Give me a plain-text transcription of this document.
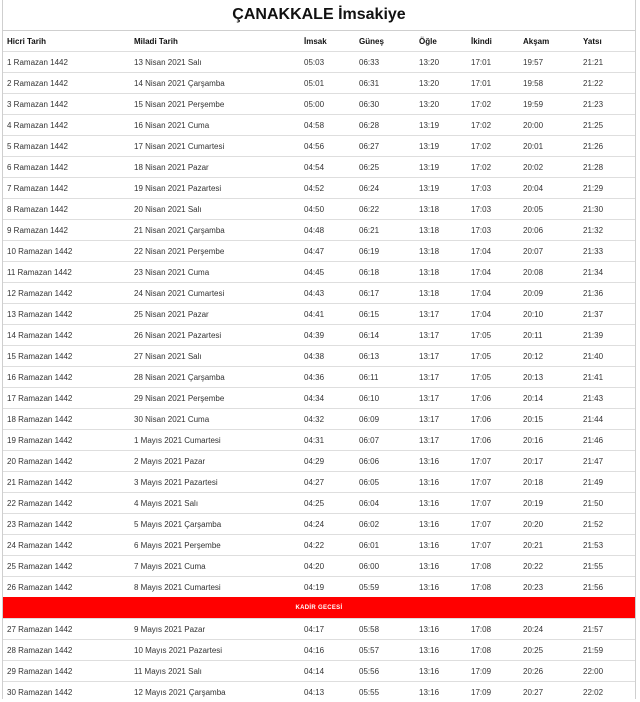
ÇANAKKALE İmsakiye
Hicri Tarih	Miladi Tarih	İmsak	Güneş	Öğle	İkindi	Akşam	Yatsı
1 Ramazan 1442	13 Nisan 2021 Salı	05:03	06:33	13:20	17:01	19:57	21:21
2 Ramazan 1442	14 Nisan 2021 Çarşamba	05:01	06:31	13:20	17:01	19:58	21:22
3 Ramazan 1442	15 Nisan 2021 Perşembe	05:00	06:30	13:20	17:02	19:59	21:23
4 Ramazan 1442	16 Nisan 2021 Cuma	04:58	06:28	13:19	17:02	20:00	21:25
5 Ramazan 1442	17 Nisan 2021 Cumartesi	04:56	06:27	13:19	17:02	20:01	21:26
6 Ramazan 1442	18 Nisan 2021 Pazar	04:54	06:25	13:19	17:02	20:02	21:28
7 Ramazan 1442	19 Nisan 2021 Pazartesi	04:52	06:24	13:19	17:03	20:04	21:29
8 Ramazan 1442	20 Nisan 2021 Salı	04:50	06:22	13:18	17:03	20:05	21:30
9 Ramazan 1442	21 Nisan 2021 Çarşamba	04:48	06:21	13:18	17:03	20:06	21:32
10 Ramazan 1442	22 Nisan 2021 Perşembe	04:47	06:19	13:18	17:04	20:07	21:33
11 Ramazan 1442	23 Nisan 2021 Cuma	04:45	06:18	13:18	17:04	20:08	21:34
12 Ramazan 1442	24 Nisan 2021 Cumartesi	04:43	06:17	13:18	17:04	20:09	21:36
13 Ramazan 1442	25 Nisan 2021 Pazar	04:41	06:15	13:17	17:04	20:10	21:37
14 Ramazan 1442	26 Nisan 2021 Pazartesi	04:39	06:14	13:17	17:05	20:11	21:39
15 Ramazan 1442	27 Nisan 2021 Salı	04:38	06:13	13:17	17:05	20:12	21:40
16 Ramazan 1442	28 Nisan 2021 Çarşamba	04:36	06:11	13:17	17:05	20:13	21:41
17 Ramazan 1442	29 Nisan 2021 Perşembe	04:34	06:10	13:17	17:06	20:14	21:43
18 Ramazan 1442	30 Nisan 2021 Cuma	04:32	06:09	13:17	17:06	20:15	21:44
19 Ramazan 1442	1 Mayıs 2021 Cumartesi	04:31	06:07	13:17	17:06	20:16	21:46
20 Ramazan 1442	2 Mayıs 2021 Pazar	04:29	06:06	13:16	17:07	20:17	21:47
21 Ramazan 1442	3 Mayıs 2021 Pazartesi	04:27	06:05	13:16	17:07	20:18	21:49
22 Ramazan 1442	4 Mayıs 2021 Salı	04:25	06:04	13:16	17:07	20:19	21:50
23 Ramazan 1442	5 Mayıs 2021 Çarşamba	04:24	06:02	13:16	17:07	20:20	21:52
24 Ramazan 1442	6 Mayıs 2021 Perşembe	04:22	06:01	13:16	17:07	20:21	21:53
25 Ramazan 1442	7 Mayıs 2021 Cuma	04:20	06:00	13:16	17:08	20:22	21:55
26 Ramazan 1442	8 Mayıs 2021 Cumartesi	04:19	05:59	13:16	17:08	20:23	21:56
KADİR GECESİ							
27 Ramazan 1442	9 Mayıs 2021 Pazar	04:17	05:58	13:16	17:08	20:24	21:57
28 Ramazan 1442	10 Mayıs 2021 Pazartesi	04:16	05:57	13:16	17:08	20:25	21:59
29 Ramazan 1442	11 Mayıs 2021 Salı	04:14	05:56	13:16	17:09	20:26	22:00
30 Ramazan 1442	12 Mayıs 2021 Çarşamba	04:13	05:55	13:16	17:09	20:27	22:02
